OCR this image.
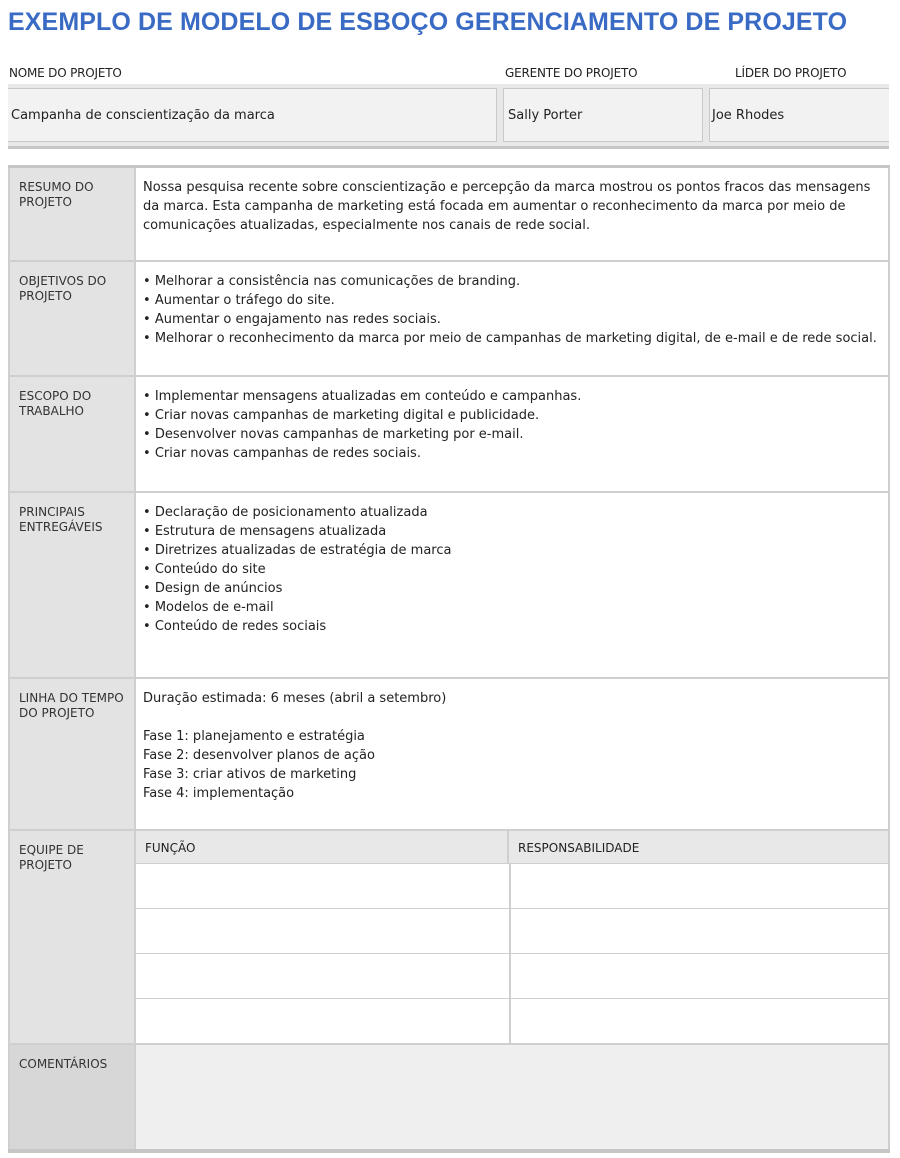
EXEMPLO DE MODELO DE ESBOÇO GERENCIAMENTO DE PROJETO
NOME DO PROJETO	GERENTE DO PROJETO	LÍDER DO PROJETO
Campanha de conscientização da marca	Sally Porter	Joe Rhodes
RESUMO DO PROJETO

Nossa pesquisa recente sobre conscientização e percepção da marca mostrou os pontos fracos das mensagens da marca. Esta campanha de marketing está focada em aumentar o reconhecimento da marca por meio de comunicações atualizadas, especialmente nos canais de rede social.

OBJETIVOS DO PROJETO
• Melhorar a consistência nas comunicações de branding.
• Aumentar o tráfego do site.
• Aumentar o engajamento nas redes sociais.
• Melhorar o reconhecimento da marca por meio de campanhas de marketing digital, de e-mail e de rede social.
ESCOPO DO TRABALHO
• Implementar mensagens atualizadas em conteúdo e campanhas.
• Criar novas campanhas de marketing digital e publicidade.
• Desenvolver novas campanhas de marketing por e-mail.
• Criar novas campanhas de redes sociais.
PRINCIPAIS ENTREGÁVEIS
• Declaração de posicionamento atualizada
• Estrutura de mensagens atualizada
• Diretrizes atualizadas de estratégia de marca
• Conteúdo do site
• Design de anúncios
• Modelos de e-mail
• Conteúdo de redes sociais
LINHA DO TEMPO DO PROJETO

Duração estimada: 6 meses (abril a setembro)

Fase 1: planejamento e estratégia

Fase 2: desenvolver planos de ação

Fase 3: criar ativos de marketing

Fase 4: implementação

EQUIPE DE PROJETO
FUNÇÃO	RESPONSABILIDADE
COMENTÁRIOS
